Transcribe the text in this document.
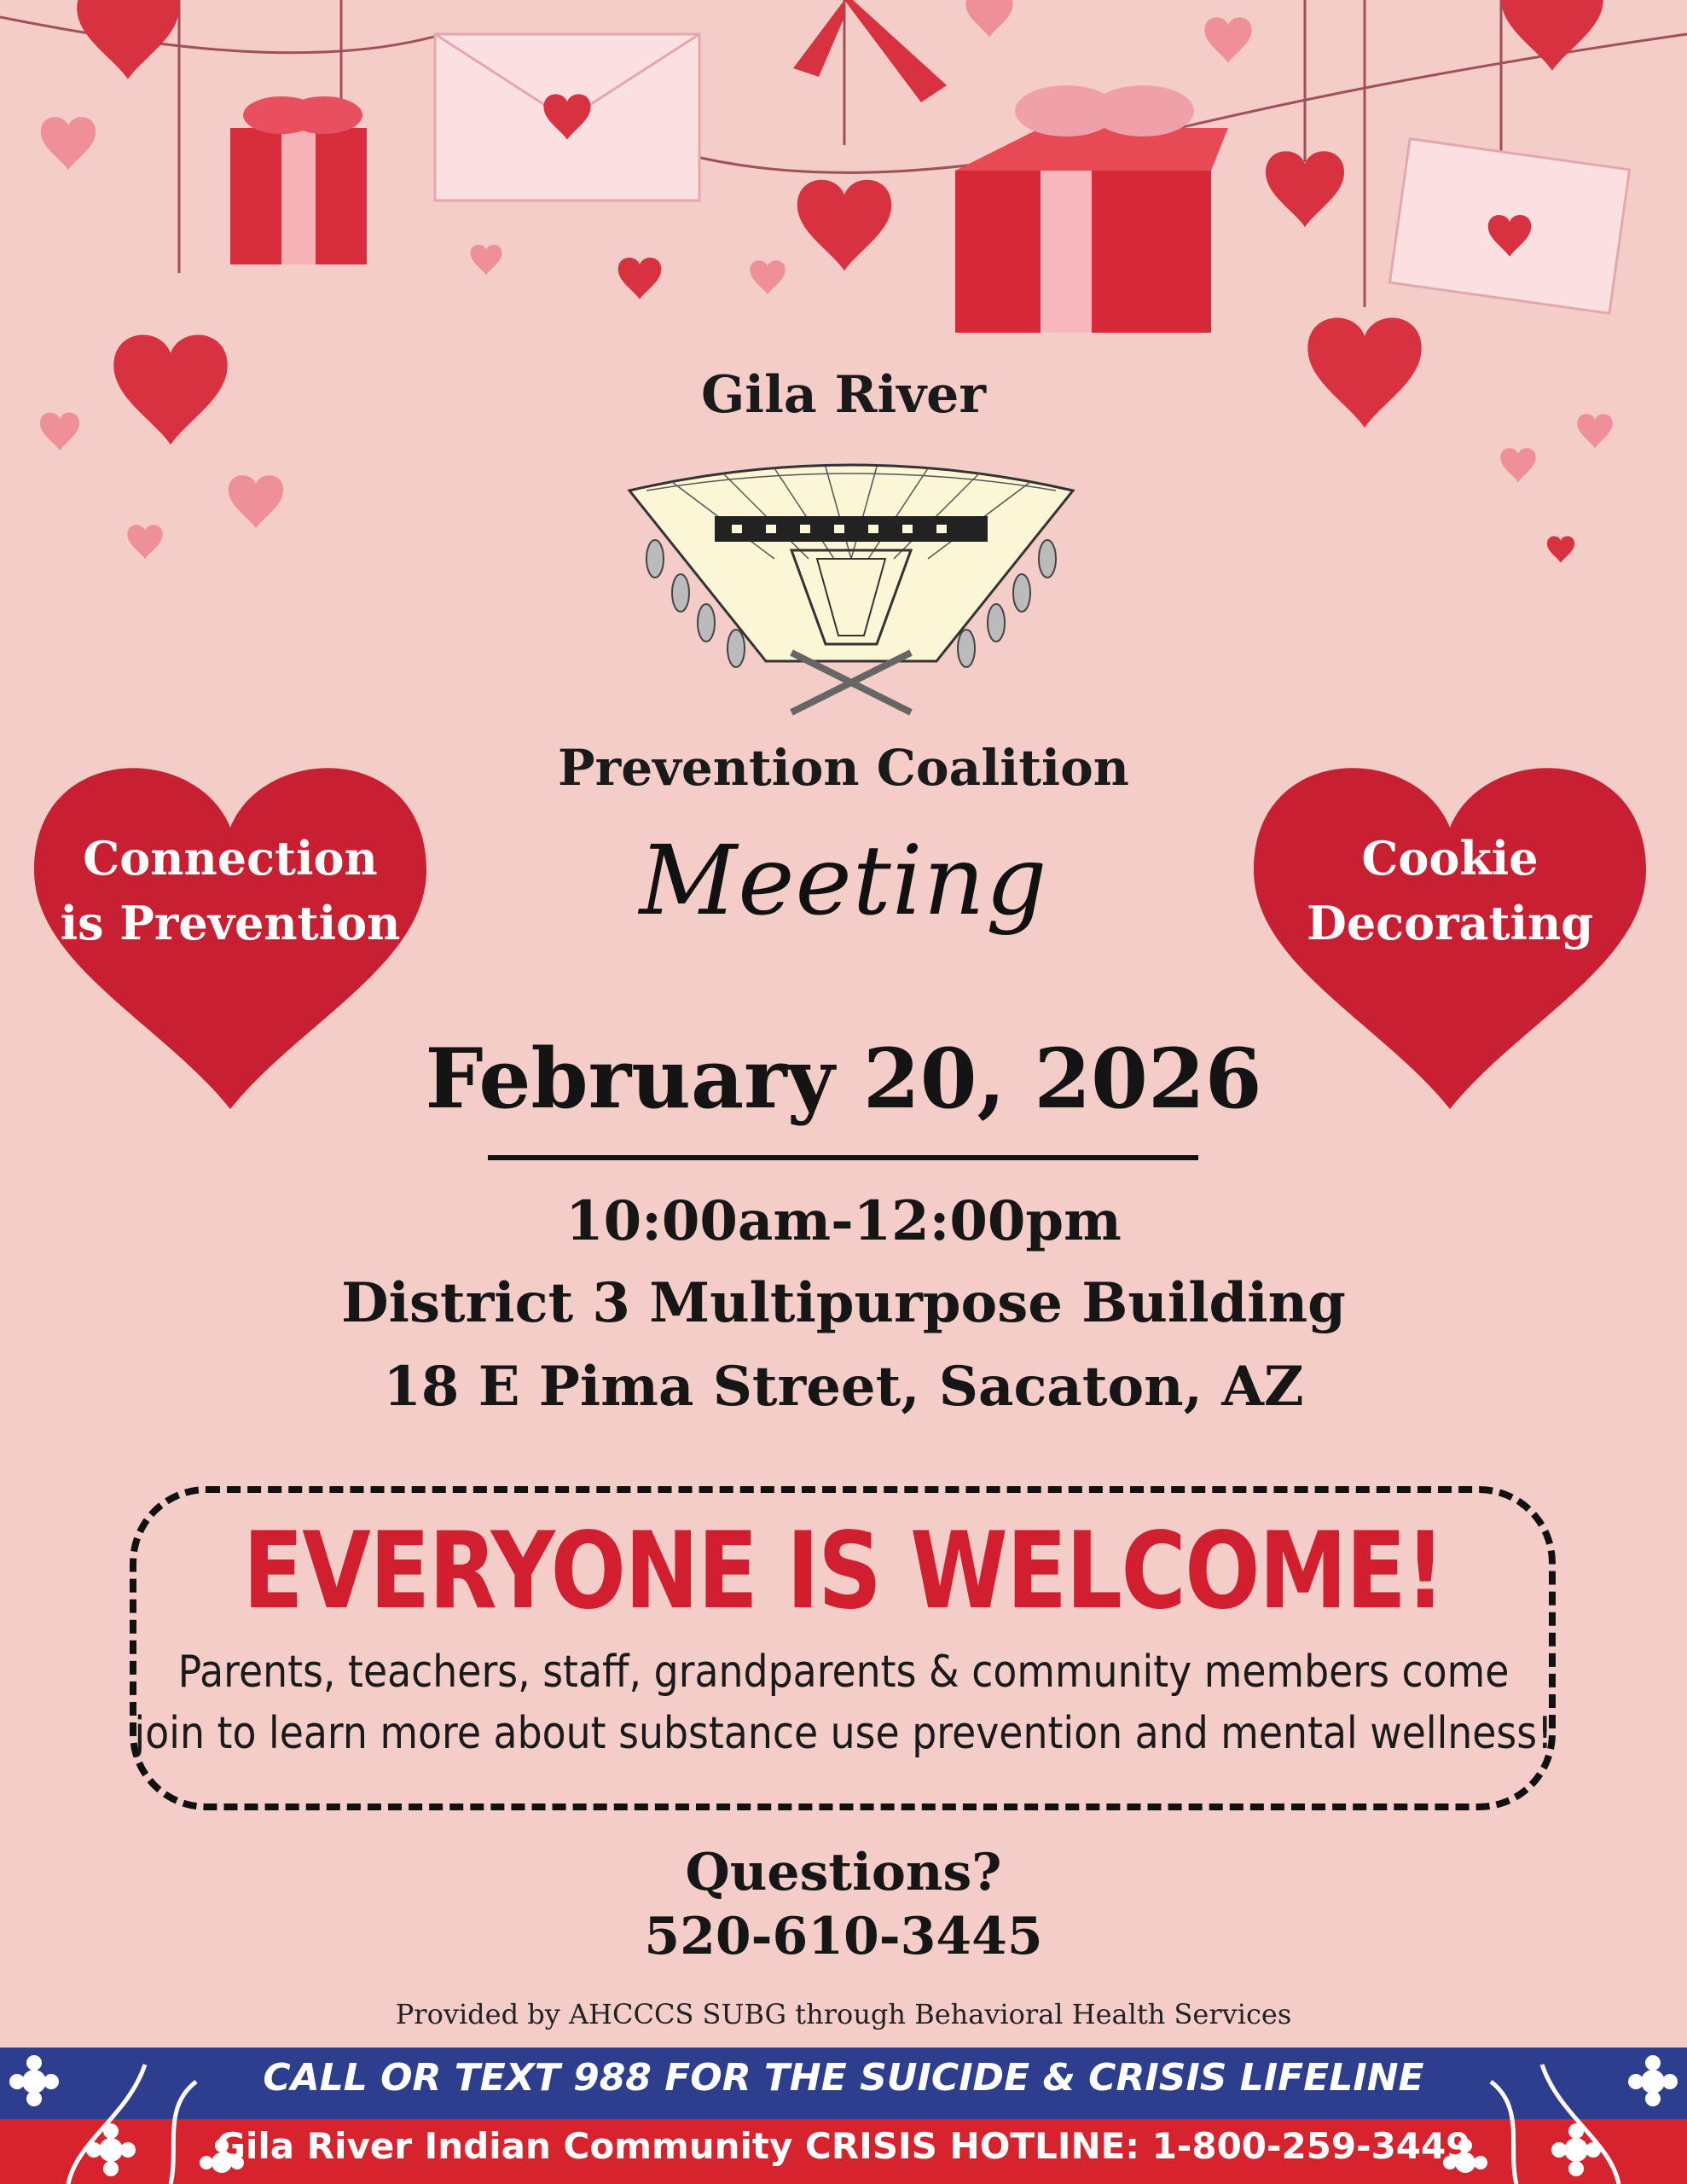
Connection
is Prevention
Cookie
Decorating
Gila River
Prevention Coalition
Meeting
February 20, 2026
10:00am-12:00pm
District 3 Multipurpose Building
18 E Pima Street, Sacaton, AZ
EVERYONE IS WELCOME!
Parents, teachers, staff, grandparents & community members come
join to learn more about substance use prevention and mental wellness!
Questions?
520-610-3445
Provided by AHCCCS SUBG through Behavioral Health Services
CALL OR TEXT 988 FOR THE SUICIDE & CRISIS LIFELINE
Gila River Indian Community CRISIS HOTLINE: 1-800-259-3449
